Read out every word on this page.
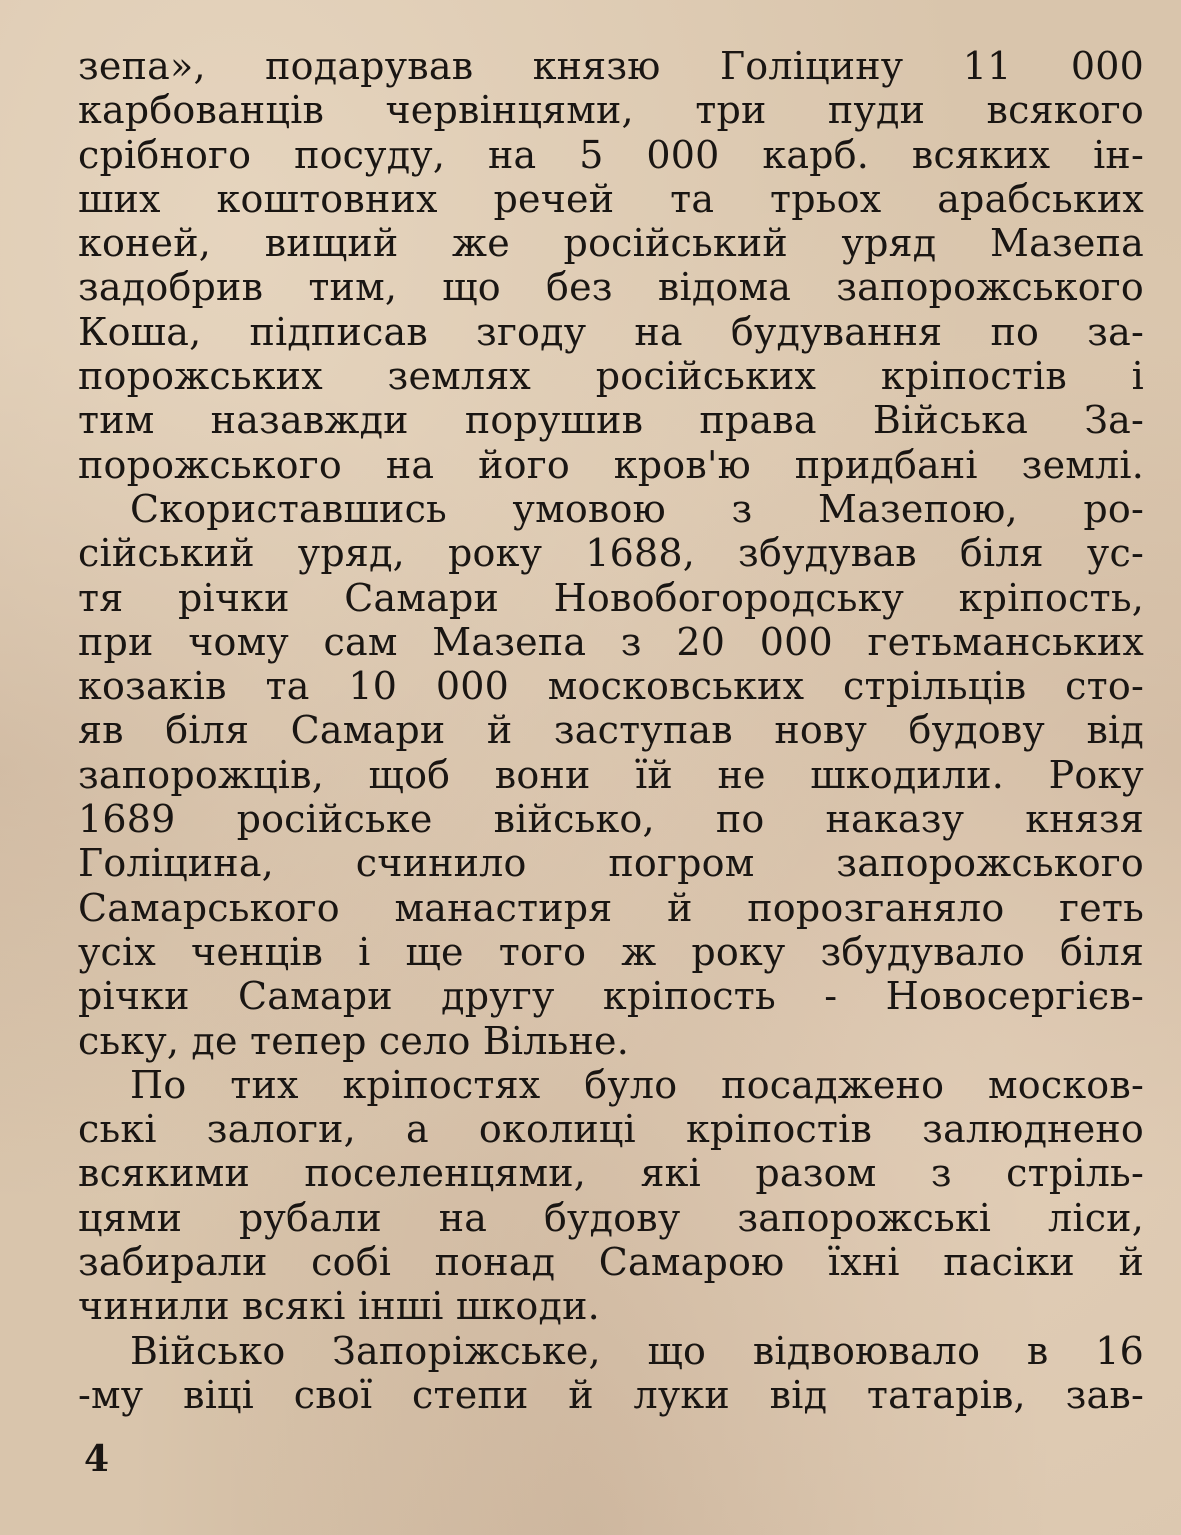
зепа», подарував князю Голіцину 11 000
карбованців червінцями, три пуди всякого
срібного посуду, на 5 000 карб. всяких ін-
ших коштовних речей та трьох арабських
коней, вищий же російський уряд Мазепа
задобрив тим, що без відома запорожського
Коша, підписав згоду на будування по за-
порожських землях російських кріпостів і
тим назавжди порушив права Війська За-
порожського на його кров'ю придбані землі.
Скориставшись умовою з Мазепою, ро-
сійський уряд, року 1688, збудував біля ус-
тя річки Самари Новобогородську кріпость,
при чому сам Мазепа з 20 000 гетьманських
козаків та 10 000 московських стрільців сто-
яв біля Самари й заступав нову будову від
запорожців, щоб вони їй не шкодили. Року
1689 російське військо, по наказу князя
Голіцина, счинило погром запорожського
Самарського манастиря й порозганяло геть
усіх ченців і ще того ж року збудувало біля
річки Самари другу кріпость - Новосергієв-
ську, де тепер село Вільне.
По тих кріпостях було посаджено москов-
ські залоги, а околиці кріпостів залюднено
всякими поселенцями, які разом з стріль-
цями рубали на будову запорожські ліси,
забирали собі понад Самарою їхні пасіки й
чинили всякі інші шкоди.
Військо Запоріжське, що відвоювало в 16
-му віці свої степи й луки від татарів, зав-
4
